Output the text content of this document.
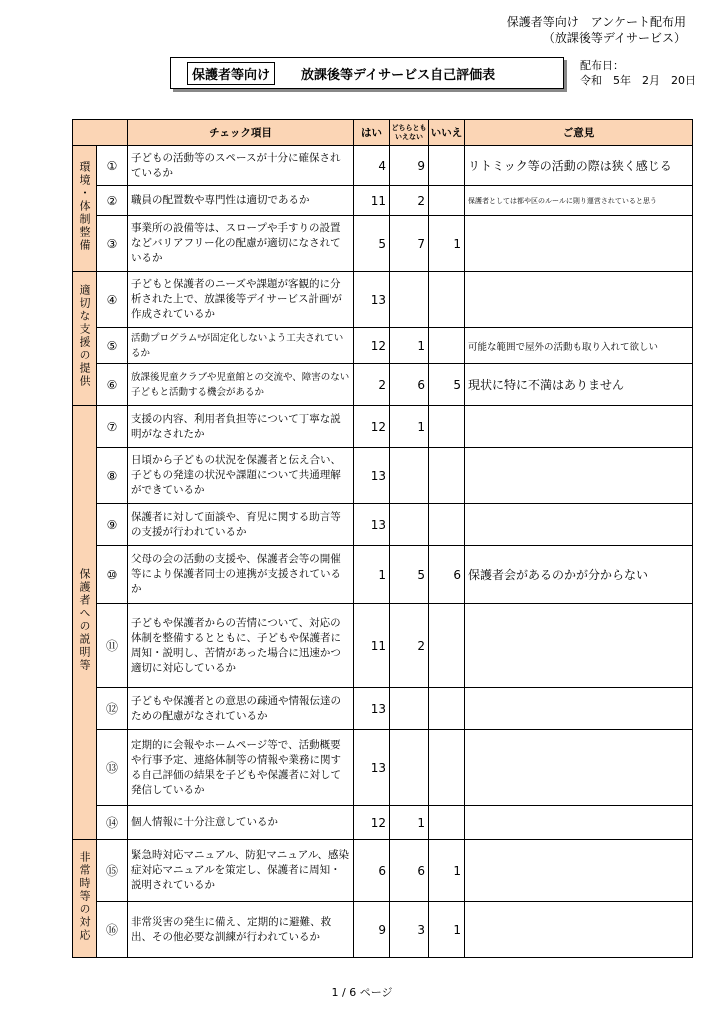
保護者等向け　アンケート配布用
（放課後等デイサービス）
保護者等向け	放課後等デイサービス自己評価表
配布日：
令和　5年　2月　20日
		チェック項目	はい	どちらとも いえない	いいえ	ご意見
環境・体制整備	①	子どもの活動等のスペースが十分に確保されているか	4	9		リトミック等の活動の際は狭く感じる
	②	職員の配置数や専門性は適切であるか	11	2		保護者としては都や区のルールに則り運営されていると思う
	③	事業所の設備等は、スロープや手すりの設置などバリアフリー化の配慮が適切になされているか	5	7	1	
適切な支援の提供	④	子どもと保護者のニーズや課題が客観的に分析された上で、放課後等デイサービス計画ⁱが作成されているか	13			
	⑤	活動プログラムⁱⁱが固定化しないよう工夫されているか	12	1		可能な範囲で屋外の活動も取り入れて欲しい
	⑥	放課後児童クラブや児童館との交流や、障害のない子どもと活動する機会があるか	2	6	5	現状に特に不満はありません
保護者への説明等	⑦	支援の内容、利用者負担等について丁寧な説明がなされたか	12	1		
	⑧	日頃から子どもの状況を保護者と伝え合い、子どもの発達の状況や課題について共通理解ができているか	13			
	⑨	保護者に対して面談や、育児に関する助言等の支援が行われているか	13			
	⑩	父母の会の活動の支援や、保護者会等の開催等により保護者同士の連携が支援されているか	1	5	6	保護者会があるのかが分からない
	⑪	子どもや保護者からの苦情について、対応の体制を整備するとともに、子どもや保護者に周知・説明し、苦情があった場合に迅速かつ適切に対応しているか	11	2		
	⑫	子どもや保護者との意思の疎通や情報伝達のための配慮がなされているか	13			
	⑬	定期的に会報やホームページ等で、活動概要や行事予定、連絡体制等の情報や業務に関する自己評価の結果を子どもや保護者に対して発信しているか	13			
	⑭	個人情報に十分注意しているか	12	1		
非常時等の対応	⑮	緊急時対応マニュアル、防犯マニュアル、感染症対応マニュアルを策定し、保護者に周知・説明されているか	6	6	1	
	⑯	非常災害の発生に備え、定期的に避難、救出、その他必要な訓練が行われているか	9	3	1	
1 / 6 ページ
